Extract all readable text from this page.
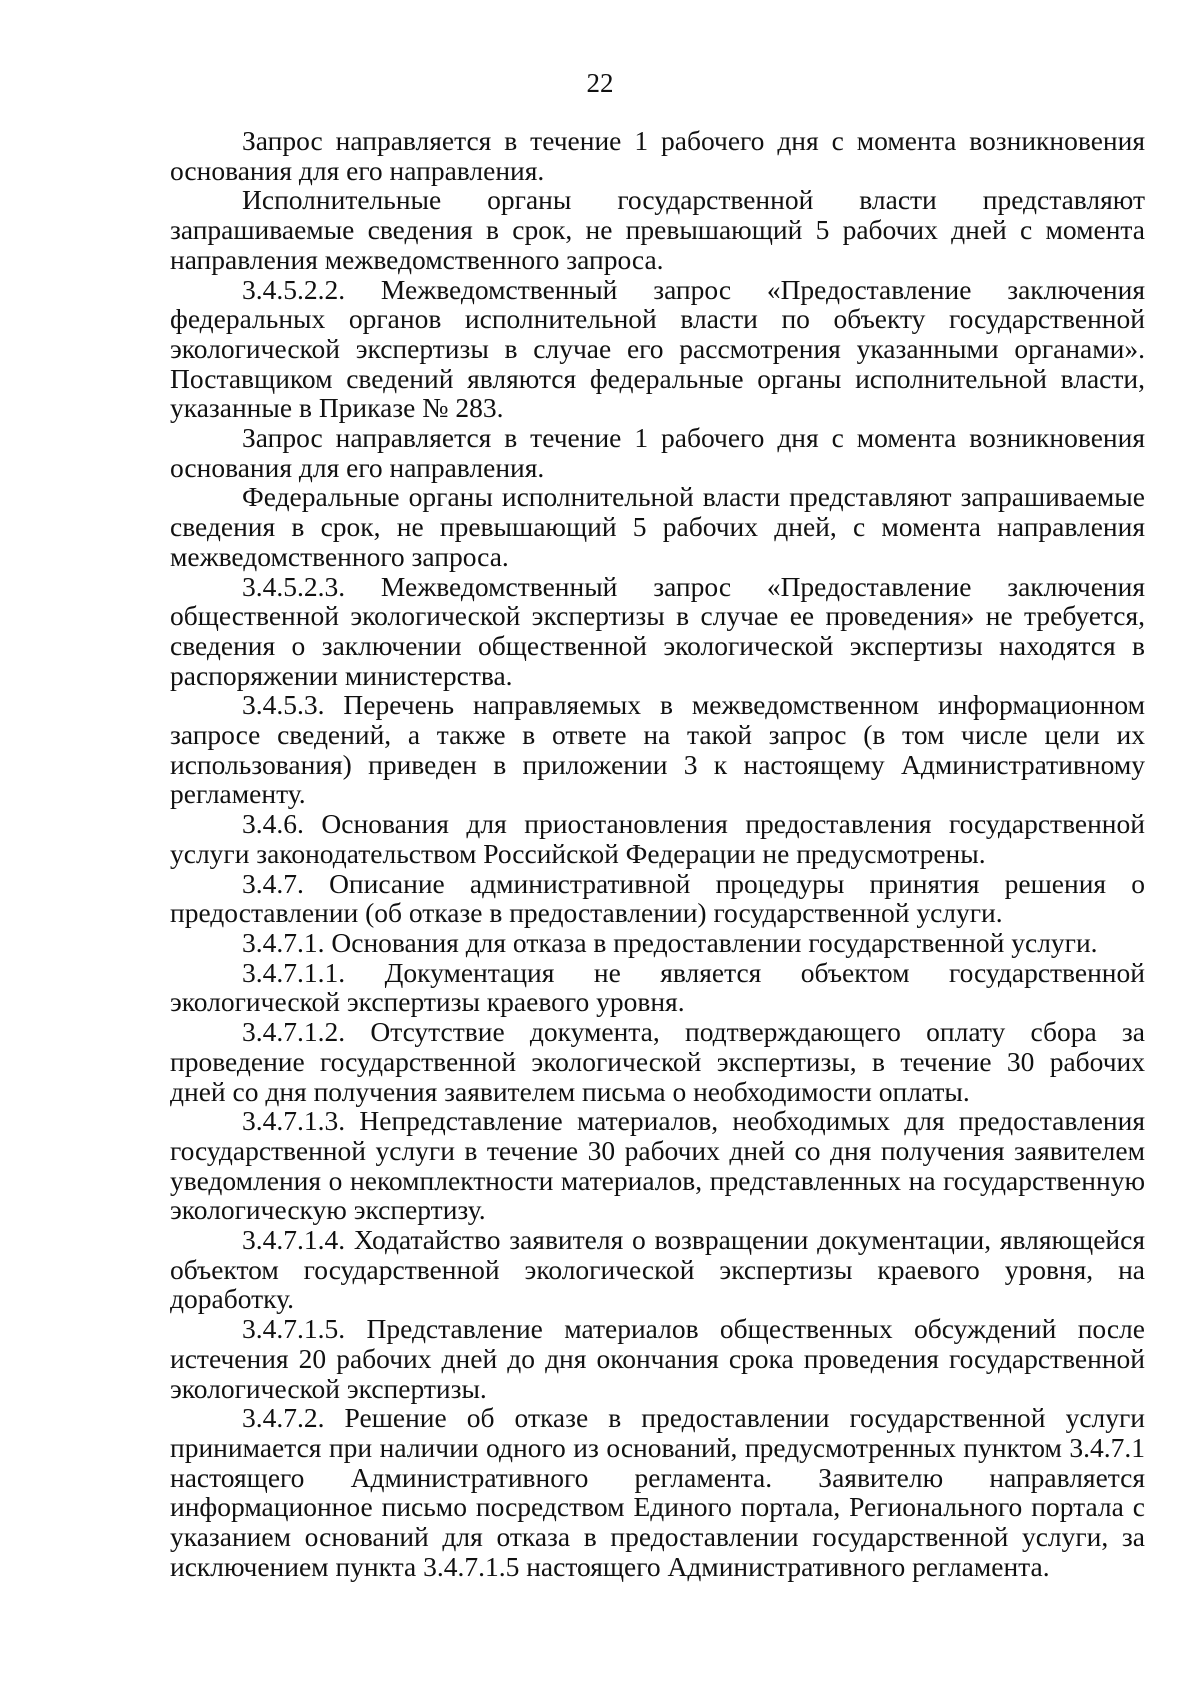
22

Запрос направляется в течение 1 рабочего дня с момента возникновения основания для его направления.

Исполнительные органы государственной власти представляют запрашиваемые сведения в срок, не превышающий 5 рабочих дней с момента направления межведомственного запроса.

3.4.5.2.2. Межведомственный запрос «Предоставление заключения федеральных органов исполнительной власти по объекту государственной экологической экспертизы в случае его рассмотрения указанными органами». Поставщиком сведений являются федеральные органы исполнительной власти, указанные в Приказе № 283.

Запрос направляется в течение 1 рабочего дня с момента возникновения основания для его направления.

Федеральные органы исполнительной власти представляют запрашиваемые сведения в срок, не превышающий 5 рабочих дней, с момента направления межведомственного запроса.

3.4.5.2.3. Межведомственный запрос «Предоставление заключения общественной экологической экспертизы в случае ее проведения» не требуется, сведения о заключении общественной экологической экспертизы находятся в распоряжении министерства.

3.4.5.3. Перечень направляемых в межведомственном информационном запросе сведений, а также в ответе на такой запрос (в том числе цели их использования) приведен в приложении 3 к настоящему Административному регламенту.

3.4.6. Основания для приостановления предоставления государственной услуги законодательством Российской Федерации не предусмотрены.

3.4.7. Описание административной процедуры принятия решения о предоставлении (об отказе в предоставлении) государственной услуги.

3.4.7.1. Основания для отказа в предоставлении государственной услуги.

3.4.7.1.1. Документация не является объектом государственной экологической экспертизы краевого уровня.

3.4.7.1.2. Отсутствие документа, подтверждающего оплату сбора за проведение государственной экологической экспертизы, в течение 30 рабочих дней со дня получения заявителем письма о необходимости оплаты.

3.4.7.1.3. Непредставление материалов, необходимых для предоставления государственной услуги в течение 30 рабочих дней со дня получения заявителем уведомления о некомплектности материалов, представленных на государственную экологическую экспертизу.

3.4.7.1.4. Ходатайство заявителя о возвращении документации, являющейся объектом государственной экологической экспертизы краевого уровня, на доработку.

3.4.7.1.5. Представление материалов общественных обсуждений после истечения 20 рабочих дней до дня окончания срока проведения государственной экологической экспертизы.

3.4.7.2. Решение об отказе в предоставлении государственной услуги принимается при наличии одного из оснований, предусмотренных пунктом 3.4.7.1 настоящего Административного регламента. Заявителю направляется информационное письмо посредством Единого портала, Регионального портала с указанием оснований для отказа в предоставлении государственной услуги, за исключением пункта 3.4.7.1.5 настоящего Административного регламента.
